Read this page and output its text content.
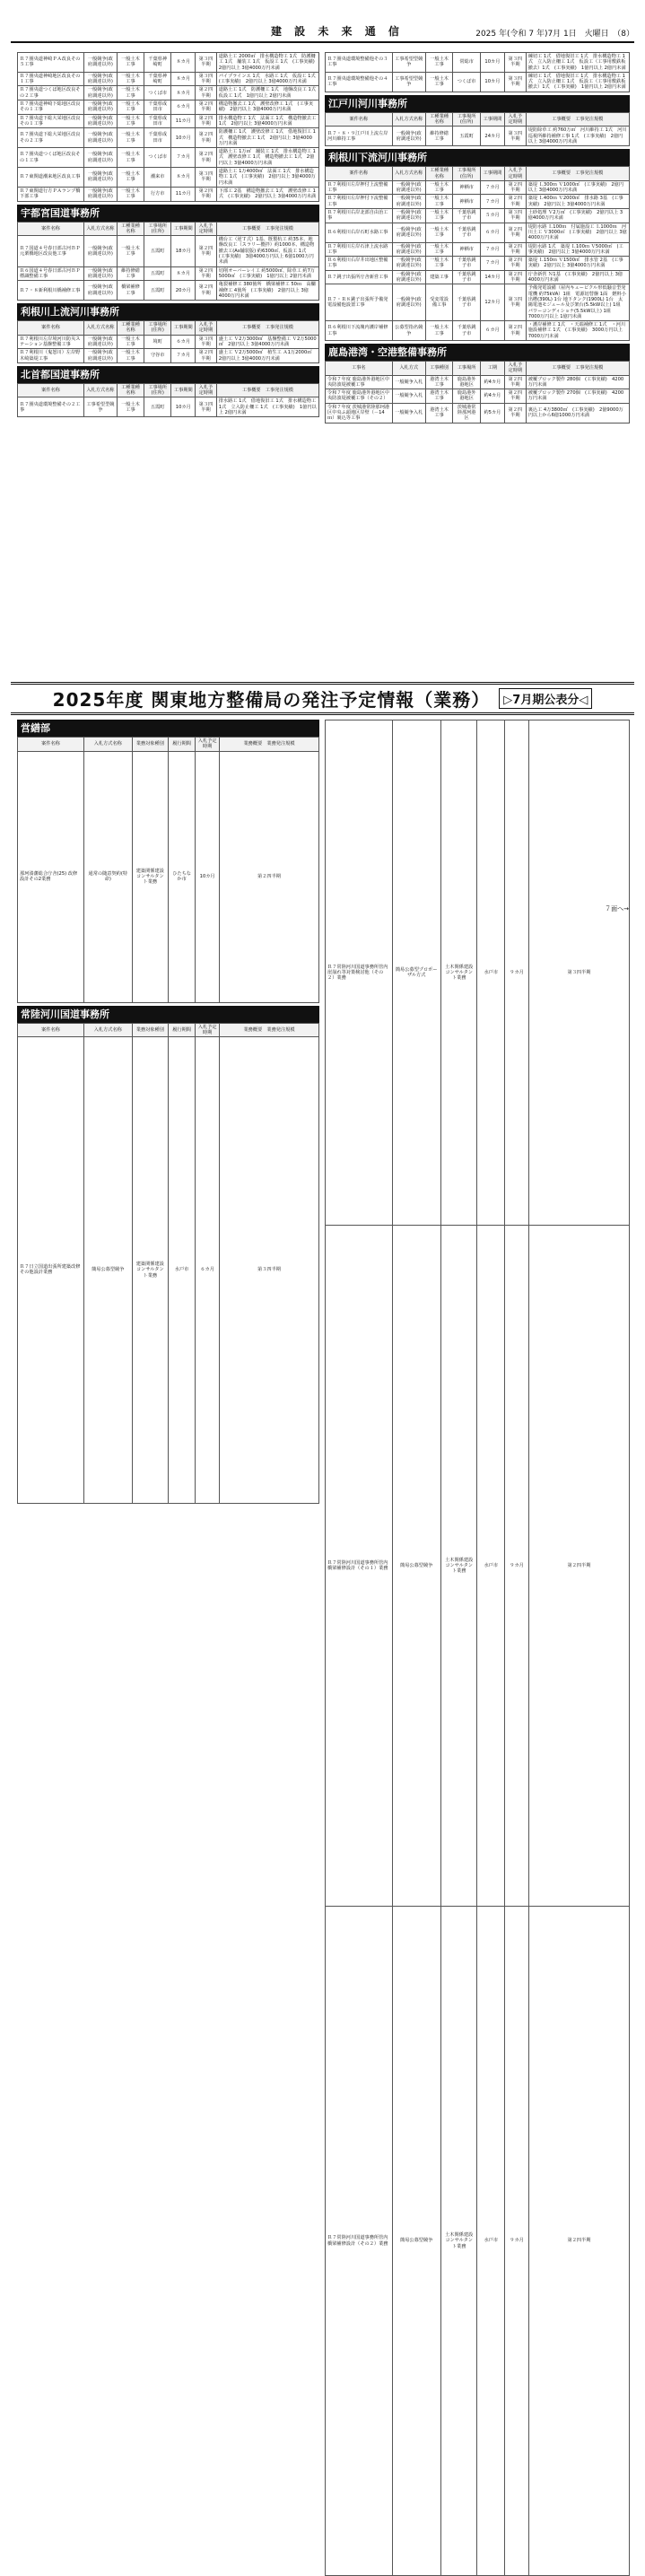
建 設 未 来 通 信	2025 年(令和 7 年)7月 1日　火曜日　（8）
Ｒ７圏央道神崎ＰＡ改良その５工事	一般競争(政府調達以外)	一般土木工事	千葉県神崎町	８カ月	第３四半期	道路土工 2000㎥　排水構造物工 1式　防護柵工 1式　舗装工 1式　仮設工 1式　(工事実績)　2億円以上 3億4000万円未満
Ｒ７圏央道神崎地区改良その１工事	一般競争(政府調達以外)	一般土木工事	千葉県神崎町	８カ月	第３四半期	パイプラインエ 1式　水路工 1式　仮設工 1式　(工事実績)　2億円以上 3億4000万円未満
Ｒ７圏央道つくば地区改良その２工事	一般競争(政府調達以外)	一般土木工事	つくば市	８カ月	第２四半期	道路土工 1式　防護柵工 1式　地盤改良工 1式　仮設工 1式　1億円以上 2億円未満
Ｒ７圏央道神崎下総地区改良その１工事	一般競争(政府調達以外)	一般土木工事	千葉県成田市	６カ月	第２四半期	構造物撤去工 1式　護壁改修工 1式　(工事実績)　2億円以上 3億4000万円未満
Ｒ７圏央道下総大栄地区改良その１工事	一般競争(政府調達以外)	一般土木工事	千葉県成田市	11カ月	第２四半期	排水構造物工 1式　法面工 1式　構造物撤去工 1式　2億円以上 3億4000万円未満
Ｒ７圏央道下総大栄地区改良その２工事	一般競争(政府調達以外)	一般土木工事	千葉県成田市	10カ月	第２四半期	防護柵工 1式　護壁改修工 1式　借地復旧工 1式　構造物撤去工 1式　2億円以上 3億4000万円未満
Ｒ７圏央道つくば地区改良その１工事	一般競争(政府調達以外)	一般土木工事	つくば市	７カ月	第２四半期	道路土工 1万㎥　舗装工 1式　排水構造物工 1式　護壁改修工 1式　構造物撤去工 1式　2億円以上 3億4000万円未満
Ｒ７東関道潮来地区改良工事	一般競争(政府調達以外)	一般土木工事	潮来市	８カ月	第３四半期	道路土工 1万4000㎥　法面工 1式　排水構造物工 1式　(工事実績)　2億円以上 3億4000万円未満
Ｒ７東関道行方ＰＡランプ橋下部工事	一般競争(政府調達以外)	一般土木工事	行方市	11カ月	第２四半期	下部工 2基　構造物撤去工 1式　護壁改修工 1式　(工事実績)　2億円以上 3億4000万円未満
宇都宮国道事務所
案件名称	入札方式名称	工種業種名称	工事場所(住所)	工事期間	入札予定時期	工事概要　工事発注規模
Ｒ７国道４号春日部古河ＢＰ元栗橋地区改良他工事	一般競争(政府調達以外)	一般土木工事	五霞町	18カ月	第２四半期	構台工（逆Ｔ式）1基、既製杭工 約35本、地盤改良工（スラリー攪拌）約1000本、構造物撤去工(As舗装版) 約6300㎡、仮設工 1式　(工事実績)　3億4000万円以上 6億1000万円未満
Ｒ６国道４号春日部古河ＢＰ標識整備工事	一般競争(政府調達以外)	維持修繕工事	五霞町	８カ月	第２四半期	切削オーバーレイ工 約5000㎡、除草工 約7万5000㎡　(工事実績)　1億円以上 2億円未満
Ｒ７・８新利根川橋補修工事	一般競争(政府調達以外)	橋梁補修工事	五霞町	20カ月	第２四半期	亀裂補修工 380箇所　橋梁補修工 50ｍ　高欄補修工 4箇所　(工事実績)　2億円以上 3億4000万円未満
利根川上流河川事務所
案件名称	入札方式名称	工種業種名称	工事場所(住所)	工事期間	入札予定時期	工事概要　工事発注規模
Ｒ７利根川左岸境河川防災ステーション基盤整備工事	一般競争(政府調達以外)	一般土木工事	境町	６カ月	第３四半期	盛土工 Ｖ2万3000㎥　基盤整備工 Ｖ2万5000㎥　2億円以上 3億4000万円未満
Ｒ７利根川（鬼怒川）左岸野木崎築堤工事	一般競争(政府調達以外)	一般土木工事	守谷市	７カ月	第２四半期	盛土工 Ｖ2万5000㎥　植生工 Ａ1万2000㎡　2億円以上 3億4000万円未満
北首都国道事務所
案件名称	入札方式名称	工種業種名称	工事場所(住所)	工事期間	入札予定時期	工事概要　工事発注規模
Ｒ７圏央道環境整備その２工事	工事希望型競争	一般土木工事	五霞町	10カ月	第３四半期	排水路工 1式　借地復旧工 1式　排水構造物工 1式　立入防止柵工 1式　(工事実績)　1億円以上 2億円未満
Ｒ７圏央道環境整備他その３工事	工事希望型競争	一般土木工事	常総市	10カ月	第３四半期	練切工 1式　借地復旧工 1式　排水構造物工 1式　立入防止柵工 1式　仮設工（工事用敷鉄板撤去）1式　(工事実績)　1億円以上 2億円未満
Ｒ７圏央道環境整備他その４工事	工事希望型競争	一般土木工事	つくば市	10カ月	第３四半期	練切工 1式　借地復旧工 1式　排水構造物工 1式　立入防止柵工 1式　仮設工（工事用敷鉄板撤去）1式　(工事実績)　1億円以上 2億円未満
江戸川河川事務所
案件名称	入札方式名称	工種業種名称	工事場所(住所)	工事期間	入札予定時期	工事概要　工事発注規模
Ｒ７・８・９江戸川上流左岸河川維持工事	一般競争(政府調達以外)	維持修繕工事	五霞町	24カ月	第３四半期	堤防除草工 約760万㎡　河川維持工 1式　河川巡視所維持補修工事 1式　(工事実績)　2億円以上 3億4000万円未満
利根川下流河川事務所
案件名称	入札方式名称	工種業種名称	工事場所(住所)	工事期間	入札予定時期	工事概要　工事発注規模
Ｒ７利根川左岸押付上流整備工事	一般競争(政府調達以外)	一般土木工事	神栖市	７カ月	第２四半期	築堤 Ｌ300ｍ Ｖ1000㎥　(工事実績)　2億円以上 3億4000万円未満
Ｒ７利根川左岸押付下流整備工事	一般競争(政府調達以外)	一般土木工事	神栖市	７カ月	第２四半期	築堤 Ｌ400ｍ Ｖ2000㎥　排水路 3基　(工事実績)　2億円以上 3億4000万円未満
Ｒ７利根川右岸北部自由治工事	一般競争(政府調達以外)	一般土木工事	千葉県銚子市	５カ月	第３四半期	土砂処理 Ｖ2万㎥　(工事実績)　2億円以上 3億4000万円未満
Ｒ６利根川右岸石町水路工事	一般競争(政府調達以外)	一般土木工事	千葉県銚子市	６カ月	第２四半期	堤防水路 Ｌ100ｍ　付属施設工 Ｌ1000ｍ　河川土工 Ｖ3000㎥　(工事実績)　2億円以上 3億4000万円未満
Ｒ７利根川左岸石津上流水路工事	一般競争(政府調達以外)	一般土木工事	神栖市	７カ月	第２四半期	堤防水路 1式　築堤 Ｌ100ｍ Ｖ5000㎥　(工事実績)　2億円以上 3億4000万円未満
Ｒ６利根川右岸井出地区整備工事	一般競争(政府調達以外)	一般土木工事	千葉県銚子市	７カ月	第２四半期	築堤 Ｌ150ｍ Ｖ1500㎥　排水管 2基　(工事実績)　2億円以上 3億4000万円未満
Ｒ７銚子出張所庁舎新営工事	一般競争(政府調達以外)	建築工事	千葉県銚子市	14カ月	第２四半期	庁舎新営 Ｎ1基　(工事実績)　2億円以上 3億4000万円未満
Ｒ７・Ｒ８銚子出張所予備発電設備他設置工事	一般競争(政府調達以外)	受変電設備工事	千葉県銚子市	12カ月	第３四半期	予備発電設備（屋内キュービクル形低騒音型発電機 約75kVA）1組　電源切替盤 1面　燃料小出槽(390L) 1台 地下タンク(1900L) 1台　太陽電池モジュール及び架台(5.5kW以上) 1組　パワーコンディショナ(5.5kW以上) 1組　7000万円以上 1億円未満
Ｒ６利根川下流塊内護岸補修工事	公募型指名競争	一般土木工事	千葉県銚子市	６カ月	第２四半期	・護岸補修工 1式　・天端補修工 1式　・河川施設補修工 1式　(工事実績)　3000万円以上 7000万円未満
鹿島港湾・空港整備事務所
工事名	入札方式	工事種別	工事場所	工期	入札予定時期	工事概要　工事発注規模
令和７年度 鹿島港外港地区中央防波堤被覆工事	一般競争入札	港湾土木工事	鹿島港外港地区	約4カ月	第２四半期	被覆ブロック製作 280個　(工事実績)　4200万円未満
令和７年度 鹿島港外港地区中央防波堤被覆工事（その２）	一般競争入札	港湾土木工事	鹿島港外港地区	約4カ月	第２四半期	被覆ブロック製作 270個　(工事実績)　4200万円未満
令和７年度 茨城港常陸那珂港区中央ふ頭地区岸壁（－14ｍ）裏込等工事	一般競争入札	港湾土木工事	茨城港常陸那珂港区	約5カ月	第２四半期	裏込工 4万3800㎥　(工事実績)　2億9000万円以上から6億1000万円未満
2025年度 関東地方整備局の発注予定情報（業務）	▷7月期公表分◁
営繕部
案件名称	入札方式名称	業務対象種別	履行期間	入札予定時期	業務概要　業務発注規模	
那珂湊藩総合庁舎(25) 改修設計その2業務	通常の随意契約(特命)	建築関係建設コンサルタント業務	ひたちなか市	10カ月	第２四半期	
常陸河川国道事務所
案件名称	入札方式名称	業務対象種別	履行期間	入札予定時期	業務概要　業務発注規模	
Ｒ７日立国道出張所建築改修その他設計業務	簡易公募型競争	建築関係建設コンサルタント業務	水戸市	６カ月	第３四半期	
Ｒ７常陸河川国道事務所管内崖崩れ等対策検討他（その２）業務	簡易公募型プロポーザル方式	土木関係建設コンサルタント業務	水戸市	９カ月	第３四半期	
Ｒ７常陸河川国道事務所管内橋梁補修設計（その１）業務	簡易公募型競争	土木関係建設コンサルタント業務	水戸市	９カ月	第２四半期	
Ｒ７常陸河川国道事務所管内橋梁補修設計（その２）業務	簡易公募型競争	土木関係建設コンサルタント業務	水戸市	９カ月	第２四半期	
７面へ→
